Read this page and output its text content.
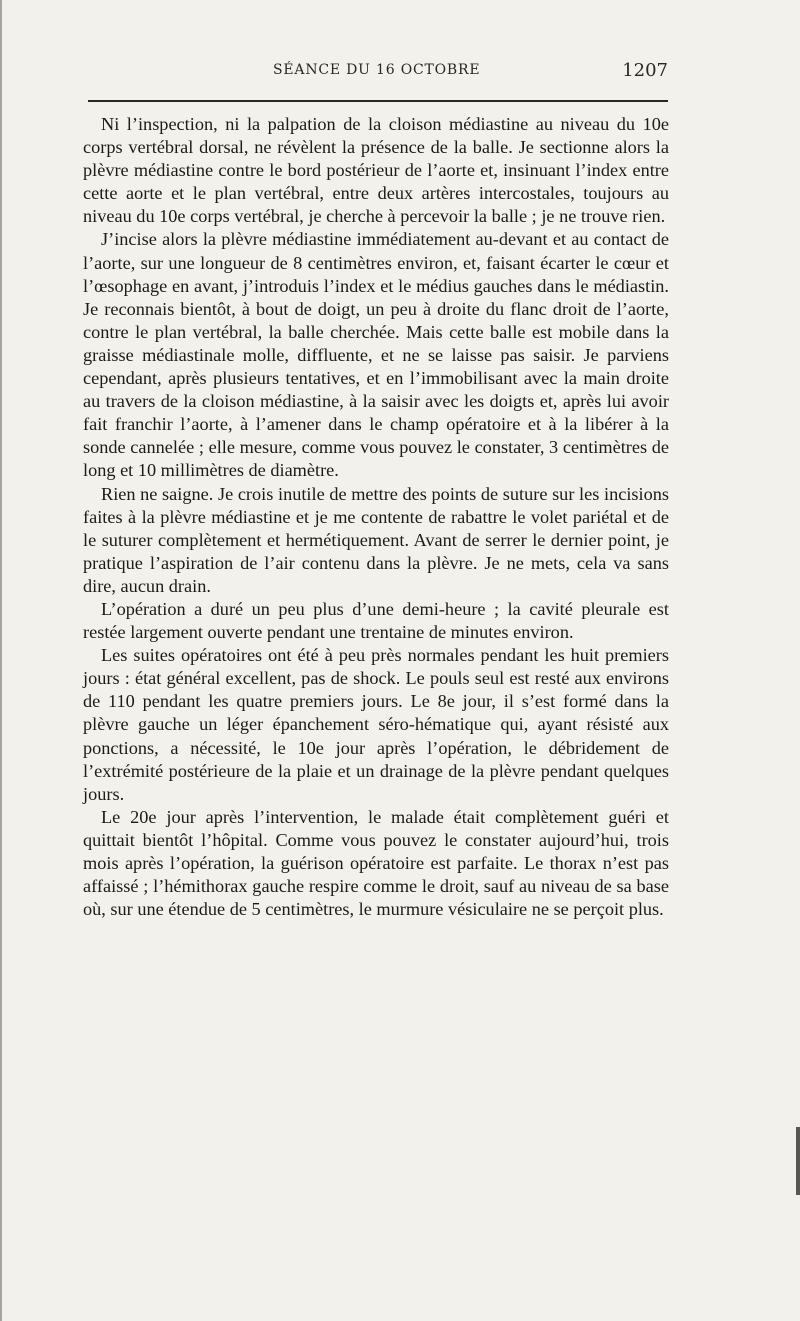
SÉANCE DU 16 OCTOBRE	1207

Ni l’inspection, ni la palpation de la cloison médiastine au niveau du 10e corps vertébral dorsal, ne révèlent la présence de la balle. Je sectionne alors la plèvre médiastine contre le bord postérieur de l’aorte et, insinuant l’index entre cette aorte et le plan vertébral, entre deux artères intercostales, toujours au niveau du 10e corps vertébral, je cherche à percevoir la balle ; je ne trouve rien.

J’incise alors la plèvre médiastine immédiatement au-devant et au contact de l’aorte, sur une longueur de 8 centimètres environ, et, faisant écarter le cœur et l’œsophage en avant, j’introduis l’index et le médius gauches dans le médiastin. Je reconnais bientôt, à bout de doigt, un peu à droite du flanc droit de l’aorte, contre le plan vertébral, la balle cherchée. Mais cette balle est mobile dans la graisse médiastinale molle, diffluente, et ne se laisse pas saisir. Je parviens cependant, après plusieurs tentatives, et en l’immobilisant avec la main droite au travers de la cloison médiastine, à la saisir avec les doigts et, après lui avoir fait franchir l’aorte, à l’amener dans le champ opératoire et à la libérer à la sonde cannelée ; elle mesure, comme vous pouvez le constater, 3 centimètres de long et 10 millimètres de diamètre.

Rien ne saigne. Je crois inutile de mettre des points de suture sur les incisions faites à la plèvre médiastine et je me contente de rabattre le volet pariétal et de le suturer complètement et hermétiquement. Avant de serrer le dernier point, je pratique l’aspiration de l’air contenu dans la plèvre. Je ne mets, cela va sans dire, aucun drain.

L’opération a duré un peu plus d’une demi-heure ; la cavité pleurale est restée largement ouverte pendant une trentaine de minutes environ.

Les suites opératoires ont été à peu près normales pendant les huit premiers jours : état général excellent, pas de shock. Le pouls seul est resté aux environs de 110 pendant les quatre premiers jours. Le 8e jour, il s’est formé dans la plèvre gauche un léger épanchement séro-hématique qui, ayant résisté aux ponctions, a nécessité, le 10e jour après l’opération, le débridement de l’extrémité postérieure de la plaie et un drainage de la plèvre pendant quelques jours.

Le 20e jour après l’intervention, le malade était complètement guéri et quittait bientôt l’hôpital. Comme vous pouvez le constater aujourd’hui, trois mois après l’opération, la guérison opératoire est parfaite. Le thorax n’est pas affaissé ; l’hémithorax gauche respire comme le droit, sauf au niveau de sa base où, sur une étendue de 5 centimètres, le murmure vésiculaire ne se perçoit plus.
